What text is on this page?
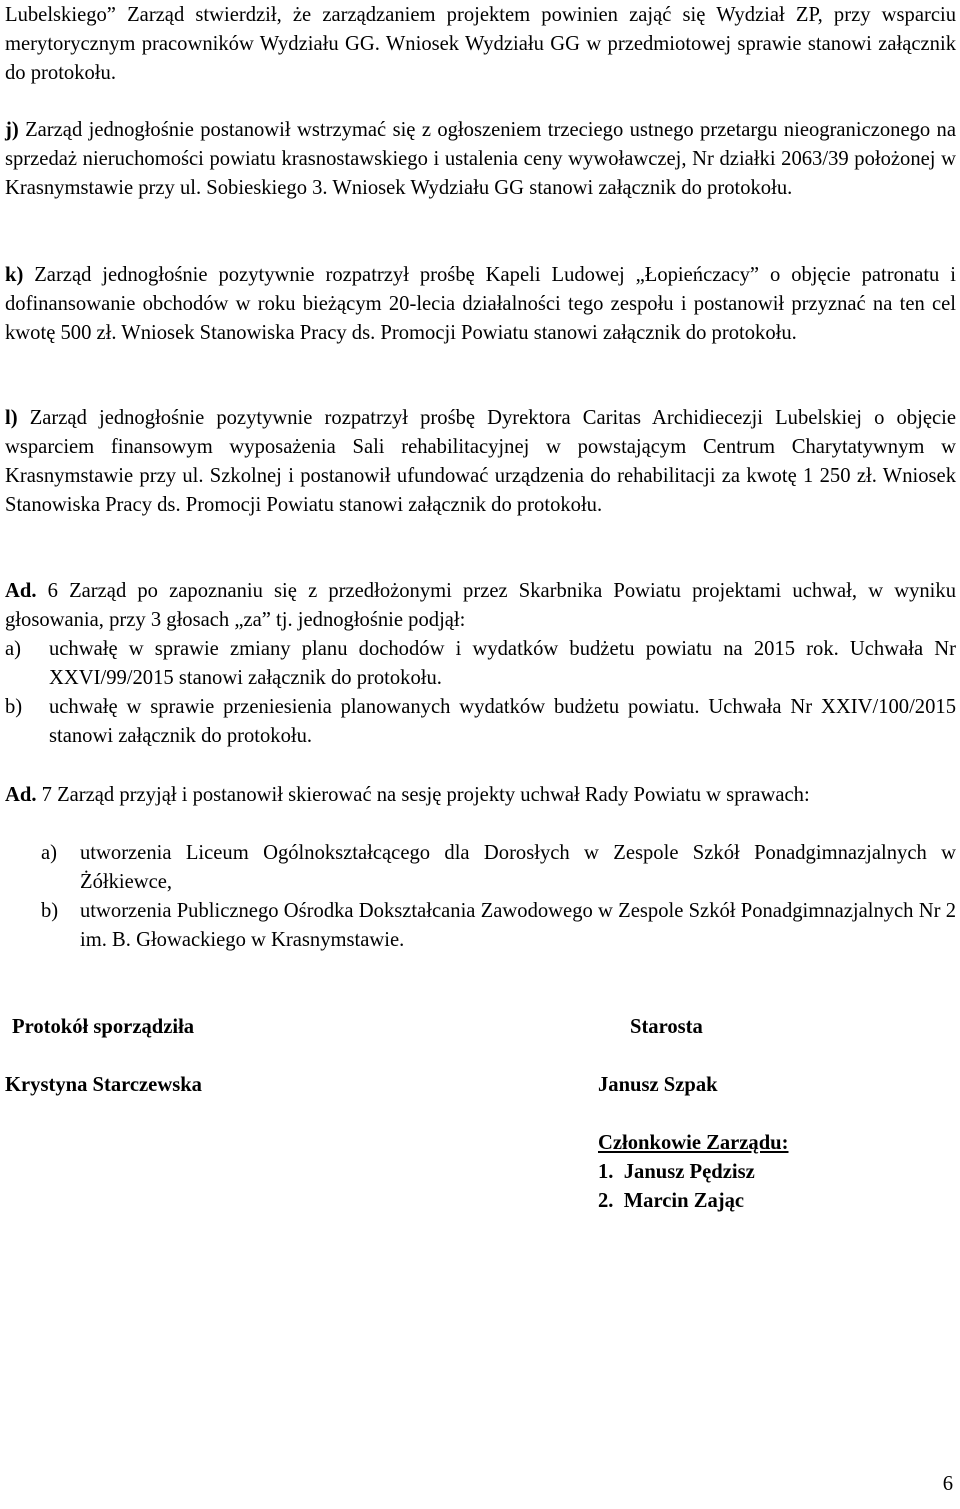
Lubelskiego” Zarząd stwierdził, że zarządzaniem projektem powinien zająć się Wydział ZP, przy wsparciu merytorycznym pracowników Wydziału GG. Wniosek Wydziału GG w przedmiotowej sprawie stanowi załącznik do protokołu.

j) Zarząd jednogłośnie postanowił wstrzymać się z ogłoszeniem trzeciego ustnego przetargu nieograniczonego na sprzedaż nieruchomości powiatu krasnostawskiego i ustalenia ceny wywoławczej, Nr działki 2063/39 położonej w Krasnymstawie przy ul. Sobieskiego 3. Wniosek Wydziału GG stanowi załącznik do protokołu.

k) Zarząd jednogłośnie pozytywnie rozpatrzył prośbę Kapeli Ludowej „Łopieńczacy” o objęcie patronatu i dofinansowanie obchodów w roku bieżącym 20-lecia działalności tego zespołu i postanowił przyznać na ten cel kwotę 500 zł. Wniosek Stanowiska Pracy ds. Promocji Powiatu stanowi załącznik do protokołu.

l) Zarząd jednogłośnie pozytywnie rozpatrzył prośbę Dyrektora Caritas Archidiecezji Lubelskiej o objęcie wsparciem finansowym wyposażenia Sali rehabilitacyjnej w powstającym Centrum Charytatywnym w Krasnymstawie przy ul. Szkolnej i postanowił ufundować urządzenia do rehabilitacji za kwotę 1 250 zł. Wniosek Stanowiska Pracy ds. Promocji Powiatu stanowi załącznik do protokołu.

Ad. 6 Zarząd po zapoznaniu się z przedłożonymi przez Skarbnika Powiatu projektami uchwał, w wyniku głosowania, przy 3 głosach „za” tj. jednogłośnie podjął:

a)	uchwałę w sprawie zmiany planu dochodów i wydatków budżetu powiatu na 2015 rok. Uchwała Nr XXVI/99/2015 stanowi załącznik do protokołu.
b)	uchwałę w sprawie przeniesienia planowanych wydatków budżetu powiatu. Uchwała Nr XXIV/100/2015 stanowi załącznik do protokołu.

Ad. 7 Zarząd przyjął i postanowił skierować na sesję projekty uchwał Rady Powiatu w sprawach:

a)	utworzenia Liceum Ogólnokształcącego dla Dorosłych w Zespole Szkół Ponadgimnazjalnych w Żółkiewce,
b)	utworzenia Publicznego Ośrodka Dokształcania Zawodowego w Zespole Szkół Ponadgimnazjalnych Nr 2 im. B. Głowackiego w Krasnymstawie.

Protokół sporządziła

Krystyna Starczewska

Starosta

Janusz Szpak

Członkowie Zarządu:

1.  Janusz Pędzisz

2.  Marcin Zając

6
